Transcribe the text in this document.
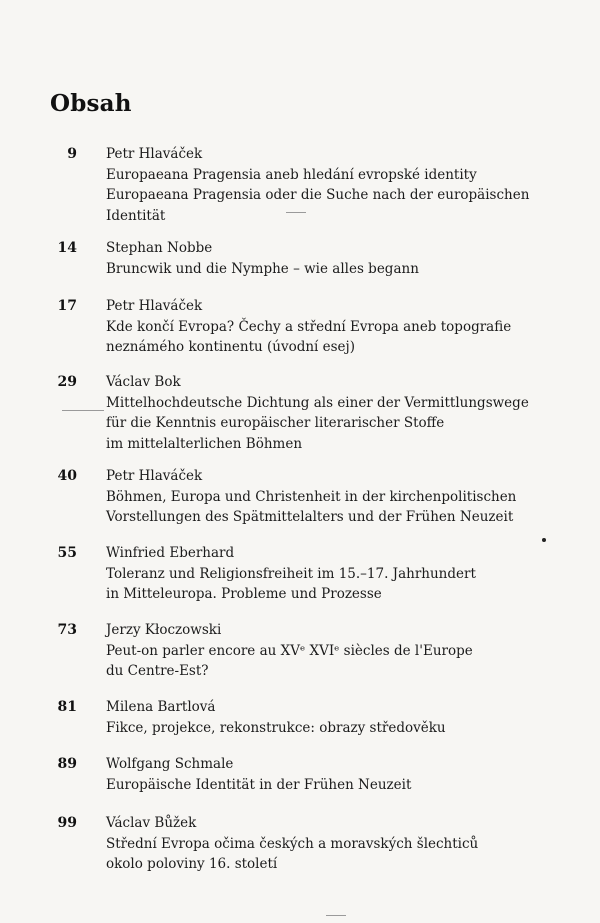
Obsah
9 Petr Hlaváček
Europaeana Pragensia aneb hledání evropské identity
Europaeana Pragensia oder die Suche nach der europäischen
Identität
14 Stephan Nobbe
Bruncwik und die Nymphe – wie alles begann
17 Petr Hlaváček
Kde končí Evropa? Čechy a střední Evropa aneb topografie
neznámého kontinentu (úvodní esej)
29 Václav Bok
Mittelhochdeutsche Dichtung als einer der Vermittlungswege
für die Kenntnis europäischer literarischer Stoffe
im mittelalterlichen Böhmen
40 Petr Hlaváček
Böhmen, Europa und Christenheit in der kirchenpolitischen
Vorstellungen des Spätmittelalters und der Frühen Neuzeit
55 Winfried Eberhard
Toleranz und Religionsfreiheit im 15.–17. Jahrhundert
in Mitteleuropa. Probleme und Prozesse
73 Jerzy Kłoczowski
Peut-on parler encore au XVᵉ XVIᵉ siècles de l'Europe
du Centre-Est?
81 Milena Bartlová
Fikce, projekce, rekonstrukce: obrazy středověku
89 Wolfgang Schmale
Europäische Identität in der Frühen Neuzeit
99 Václav Bůžek
Střední Evropa očima českých a moravských šlechticů
okolo poloviny 16. století
